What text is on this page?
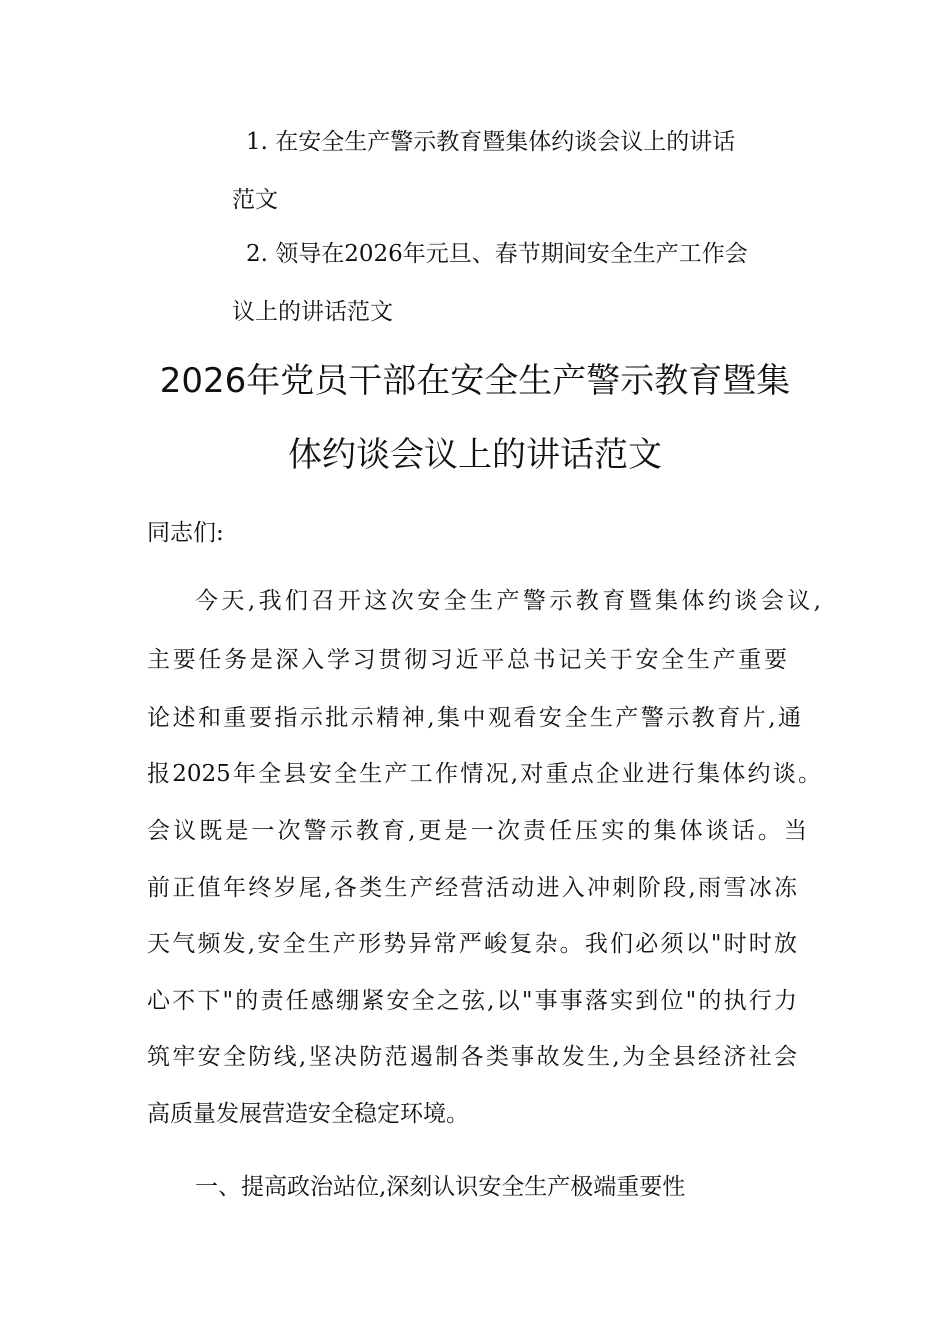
1. 在安全生产警示教育暨集体约谈会议上的讲话
范文
2. 领导在2026年元旦、春节期间安全生产工作会
议上的讲话范文
2026年党员干部在安全生产警示教育暨集
体约谈会议上的讲话范文
同志们:
今天,我们召开这次安全生产警示教育暨集体约谈会议,
主要任务是深入学习贯彻习近平总书记关于安全生产重要
论述和重要指示批示精神,集中观看安全生产警示教育片,通
报2025年全县安全生产工作情况,对重点企业进行集体约谈。
会议既是一次警示教育,更是一次责任压实的集体谈话。当
前正值年终岁尾,各类生产经营活动进入冲刺阶段,雨雪冰冻
天气频发,安全生产形势异常严峻复杂。我们必须以"时时放
心不下"的责任感绷紧安全之弦,以"事事落实到位"的执行力
筑牢安全防线,坚决防范遏制各类事故发生,为全县经济社会
高质量发展营造安全稳定环境。
一、提高政治站位,深刻认识安全生产极端重要性
